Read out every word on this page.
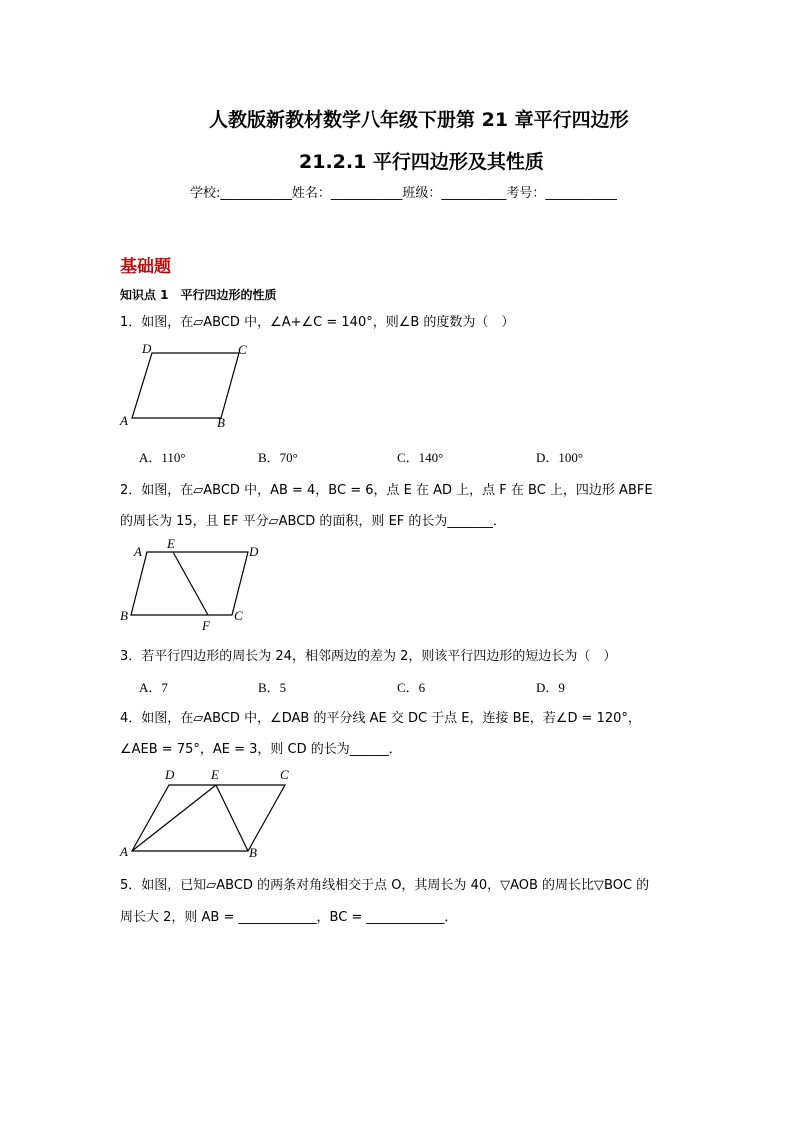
人教版新教材数学八年级下册第 21 章平行四边形
21.2.1 平行四边形及其性质
学校:___________姓名：___________班级：__________考号：___________
基础题
知识点 1　平行四边形的性质
1．如图，在▱ABCD 中，∠A+∠C = 140°，则∠B 的度数为（　）
D	C
A	B
A．110°	B．70°	C．140°	D．100°
2．如图，在▱ABCD 中，AB = 4，BC = 6，点 E 在 AD 上，点 F 在 BC 上，四边形 ABFE
的周长为 15，且 EF 平分▱ABCD 的面积，则 EF 的长为_______．
A
E
D
B
F
C
3．若平行四边形的周长为 24，相邻两边的差为 2，则该平行四边形的短边长为（　）
A．7	B．5	C．6	D．9
4．如图，在▱ABCD 中，∠DAB 的平分线 AE 交 DC 于点 E，连接 BE，若∠D = 120°，
∠AEB = 75°，AE = 3，则 CD 的长为______．
D	E	C
A	B
5．如图，已知▱ABCD 的两条对角线相交于点 O，其周长为 40，▽AOB 的周长比▽BOC 的
周长大 2，则 AB = ____________，BC = ____________．
